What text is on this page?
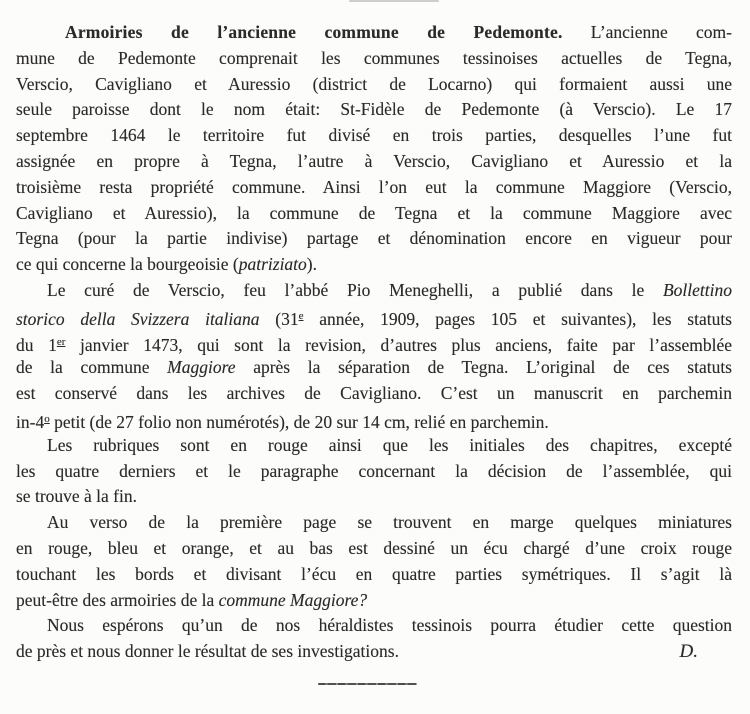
Armoiries de l’ancienne commune de Pedemonte. L’ancienne com-
mune de Pedemonte comprenait les communes tessinoises actuelles de Tegna,
Verscio, Cavigliano et Auressio (district de Locarno) qui formaient aussi une
seule paroisse dont le nom était: St-Fidèle de Pedemonte (à Verscio). Le 17
septembre 1464 le territoire fut divisé en trois parties, desquelles l’une fut
assignée en propre à Tegna, l’autre à Verscio, Cavigliano et Auressio et la
troisième resta propriété commune. Ainsi l’on eut la commune Maggiore (Verscio,
Cavigliano et Auressio), la commune de Tegna et la commune Maggiore avec
Tegna (pour la partie indivise) partage et dénomination encore en vigueur pour
ce qui concerne la bourgeoisie (patriziato).
Le curé de Verscio, feu l’abbé Pio Meneghelli, a publié dans le Bollettino
storico della Svizzera italiana (31e année, 1909, pages 105 et suivantes), les statuts
du 1er janvier 1473, qui sont la revision, d’autres plus anciens, faite par l’assemblée
de la commune Maggiore après la séparation de Tegna. L’original de ces statuts
est conservé dans les archives de Cavigliano. C’est un manuscrit en parchemin
in-4$^o$ petit (de 27 folio non numérotés), de 20 sur 14 cm, relié en parchemin.
Les rubriques sont en rouge ainsi que les initiales des chapitres, excepté
les quatre derniers et le paragraphe concernant la décision de l’assemblée, qui
se trouve à la fin.
Au verso de la première page se trouvent en marge quelques miniatures
en rouge, bleu et orange, et au bas est dessiné un écu chargé d’une croix rouge
touchant les bords et divisant l’écu en quatre parties symétriques. Il s’agit là
peut-être des armoiries de la commune Maggiore?
Nous espérons qu’un de nos héraldistes tessinois pourra étudier cette question
de près et nous donner le résultat de ses investigations.	D.
